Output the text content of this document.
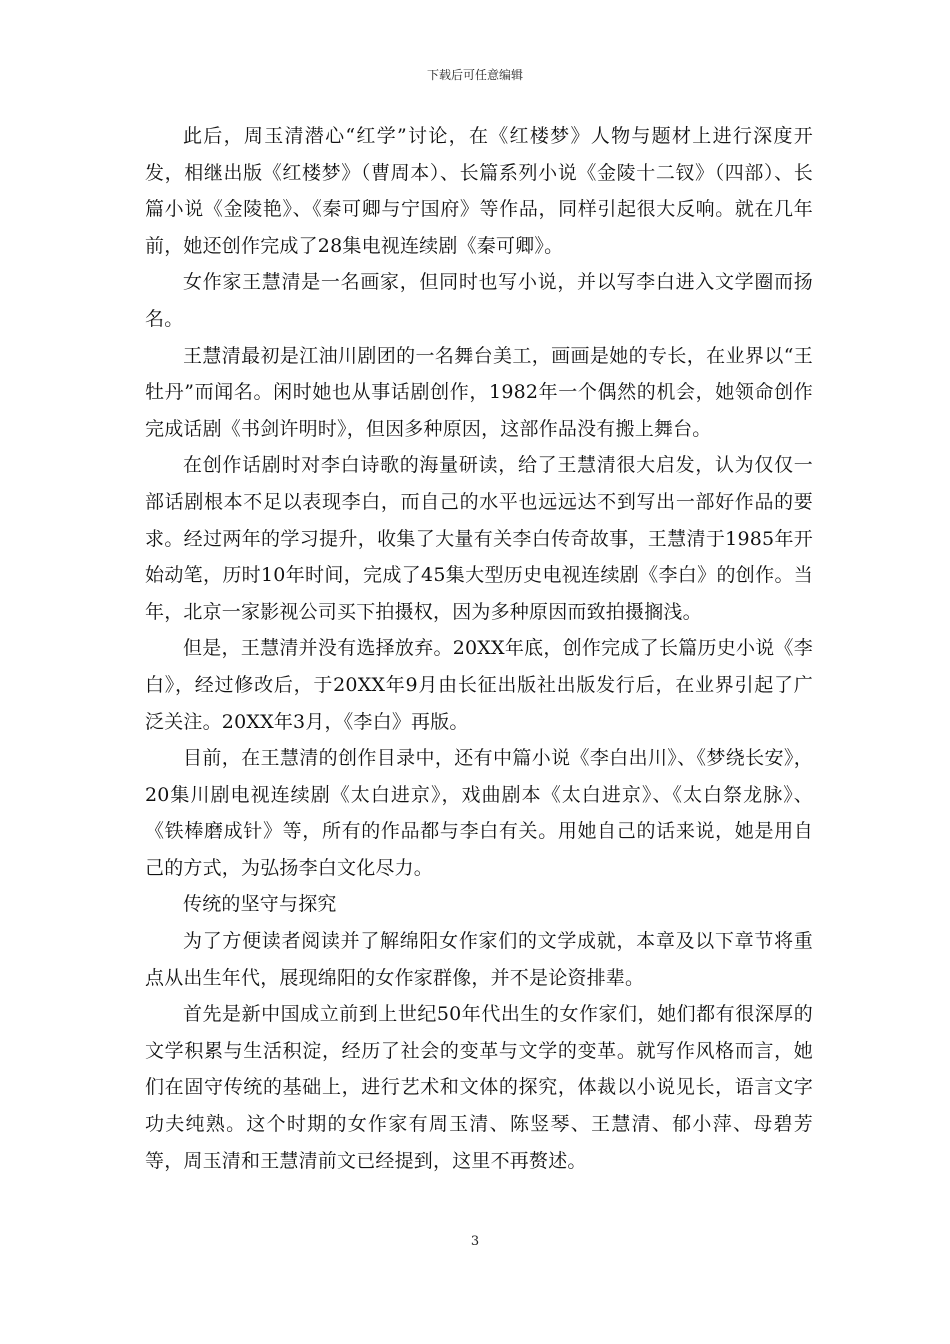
下载后可任意编辑

此后，周玉清潜心“红学”讨论，在《红楼梦》人物与题材上进行深度开发，相继出版《红楼梦》（曹周本）、长篇系列小说《金陵十二钗》（四部）、长篇小说《金陵艳》、《秦可卿与宁国府》等作品，同样引起很大反响。就在几年前，她还创作完成了28集电视连续剧《秦可卿》。

女作家王慧清是一名画家，但同时也写小说，并以写李白进入文学圈而扬名。

王慧清最初是江油川剧团的一名舞台美工，画画是她的专长，在业界以“王牡丹”而闻名。闲时她也从事话剧创作，1982年一个偶然的机会，她领命创作完成话剧《书剑许明时》，但因多种原因，这部作品没有搬上舞台。

在创作话剧时对李白诗歌的海量研读，给了王慧清很大启发，认为仅仅一部话剧根本不足以表现李白，而自己的水平也远远达不到写出一部好作品的要求。经过两年的学习提升，收集了大量有关李白传奇故事，王慧清于1985年开始动笔，历时10年时间，完成了45集大型历史电视连续剧《李白》的创作。当年，北京一家影视公司买下拍摄权，因为多种原因而致拍摄搁浅。

但是，王慧清并没有选择放弃。20XX年底，创作完成了长篇历史小说《李白》，经过修改后，于20XX年9月由长征出版社出版发行后，在业界引起了广泛关注。20XX年3月，《李白》再版。

目前，在王慧清的创作目录中，还有中篇小说《李白出川》、《梦绕长安》，20集川剧电视连续剧《太白进京》，戏曲剧本《太白进京》、《太白祭龙脉》、《铁棒磨成针》等，所有的作品都与李白有关。用她自己的话来说，她是用自己的方式，为弘扬李白文化尽力。

传统的坚守与探究

为了方便读者阅读并了解绵阳女作家们的文学成就，本章及以下章节将重点从出生年代，展现绵阳的女作家群像，并不是论资排辈。

首先是新中国成立前到上世纪50年代出生的女作家们，她们都有很深厚的文学积累与生活积淀，经历了社会的变革与文学的变革。就写作风格而言，她们在固守传统的基础上，进行艺术和文体的探究，体裁以小说见长，语言文字功夫纯熟。这个时期的女作家有周玉清、陈竖琴、王慧清、郁小萍、母碧芳等，周玉清和王慧清前文已经提到，这里不再赘述。

3
